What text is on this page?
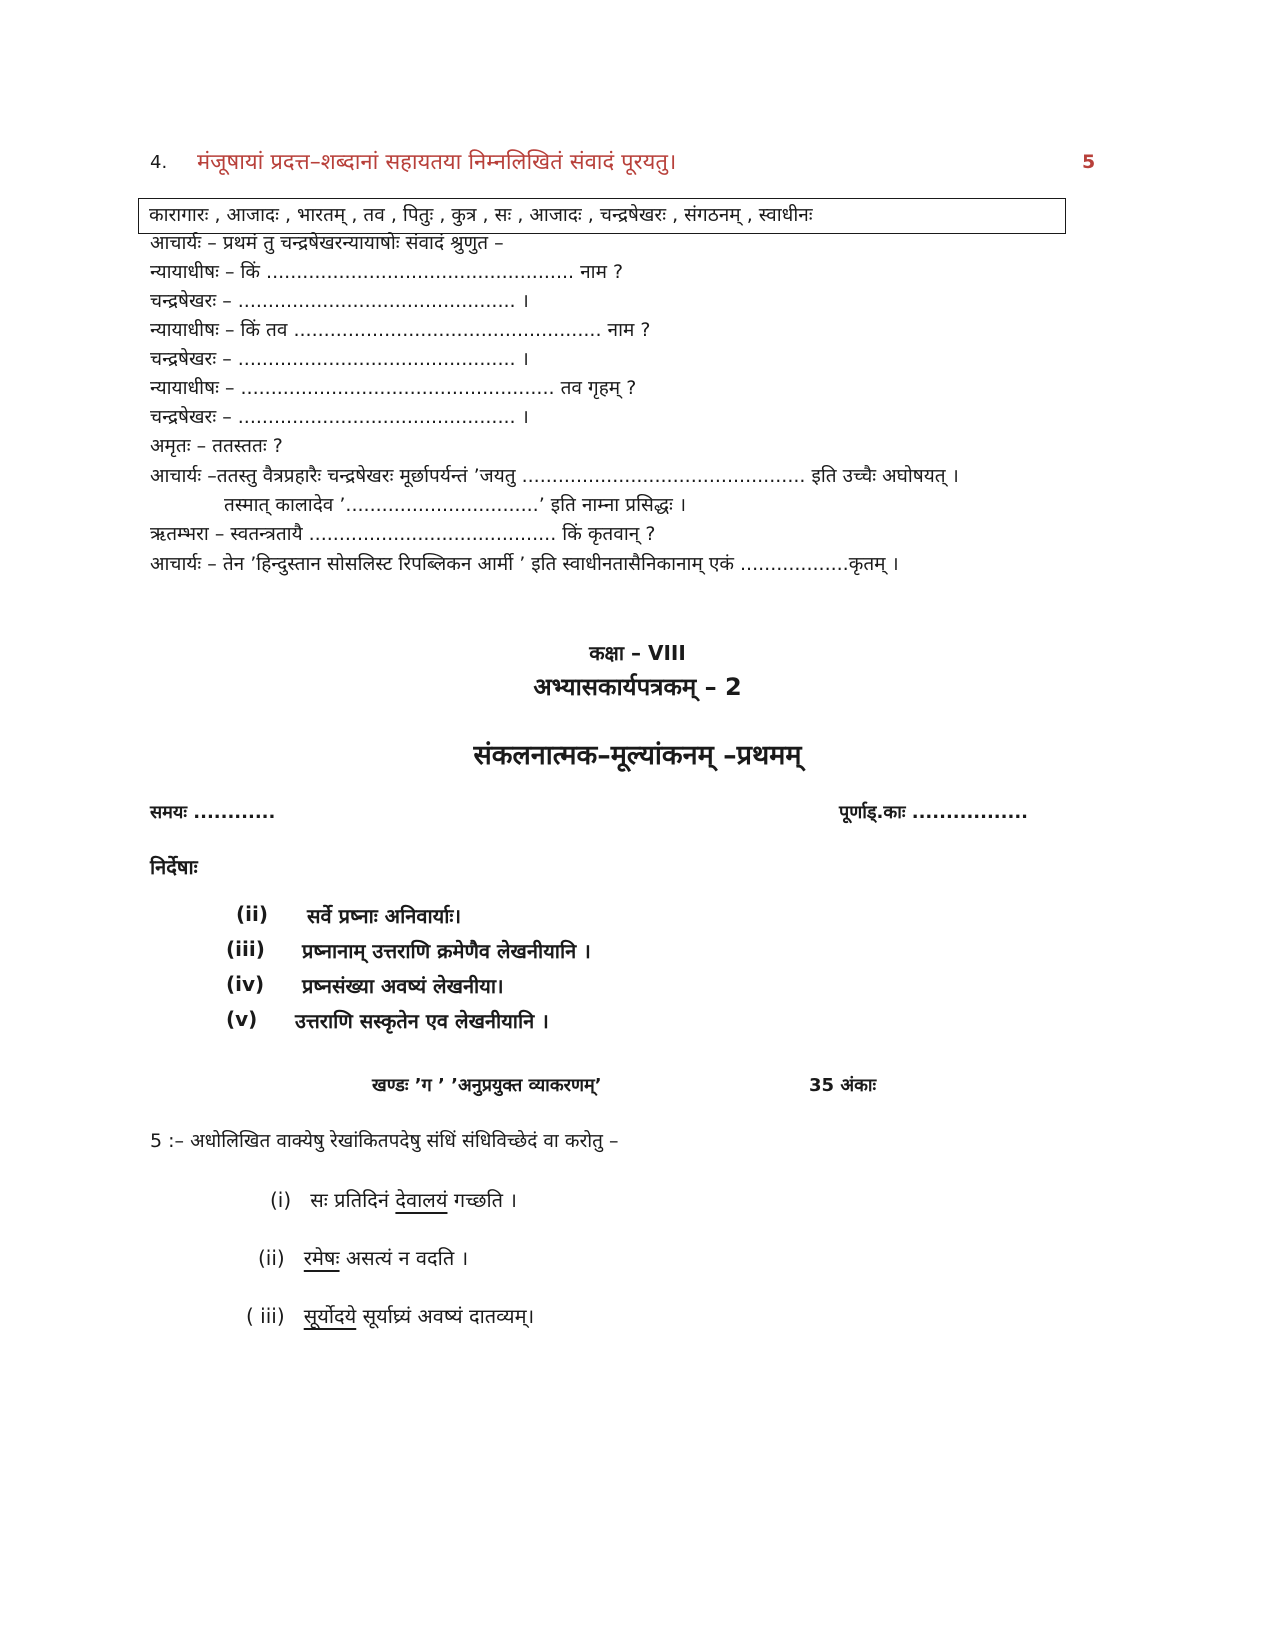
4. मंजूषायां प्रदत्त–शब्दानां सहायतया निम्नलिखितं संवादं पूरयतु।	5
कारागारः , आजादः , भारतम् , तव , पितुः , कुत्र , सः , आजादः , चन्द्रषेखरः , संगठनम् , स्वाधीनः
आचार्यः – प्रथमं तु चन्द्रषेखरन्यायाषोः संवादं श्रुणुत –
न्यायाधीषः – किं ................................................... नाम ?
चन्द्रषेखरः – .............................................. ।
न्यायाधीषः – किं तव ................................................... नाम ?
चन्द्रषेखरः – .............................................. ।
न्यायाधीषः – .................................................... तव गृहम् ?
चन्द्रषेखरः – .............................................. ।
अमृतः – ततस्ततः ?
आचार्यः –ततस्तु वैत्रप्रहारैः चन्द्रषेखरः मूर्छापर्यन्तं ’जयतु ............................................... इति उच्चैः अघोषयत् ।
तस्मात् कालादेव ’................................’ इति नाम्ना प्रसिद्धः ।
ऋतम्भरा – स्वतन्त्रतायै ......................................... किं कृतवान् ?
आचार्यः – तेन ’हिन्दुस्तान सोसलिस्ट रिपब्लिकन आर्मी ’ इति स्वाधीनतासैनिकानाम् एकं ..................कृतम् ।
कक्षा – VIII
अभ्यासकार्यपत्रकम् – 2
संकलनात्मक–मूल्यांकनम् –प्रथमम्
समयः ............	पूर्णाड्.काः .................
निर्देषाः
(ii) सर्वे प्रष्नाः अनिवार्याः।
(iii) प्रष्नानाम् उत्तराणि क्रमेणैव लेखनीयानि ।
(iv) प्रष्नसंख्या अवष्यं लेखनीया।
(v) उत्तराणि सस्कृतेन एव लेखनीयानि ।
खण्डः ’ग ’ ’अनुप्रयुक्त व्याकरणम्’	35 अंकाः
5 :– अधोलिखित वाक्येषु रेखांकितपदेषु संधिं संधिविच्छेदं वा करोतु –
(i) सः प्रतिदिनं देवालयं गच्छति ।
(ii) रमेषः असत्यं न वदति ।
( iii) सूर्योदये सूर्याघ्र्यं अवष्यं दातव्यम्।
